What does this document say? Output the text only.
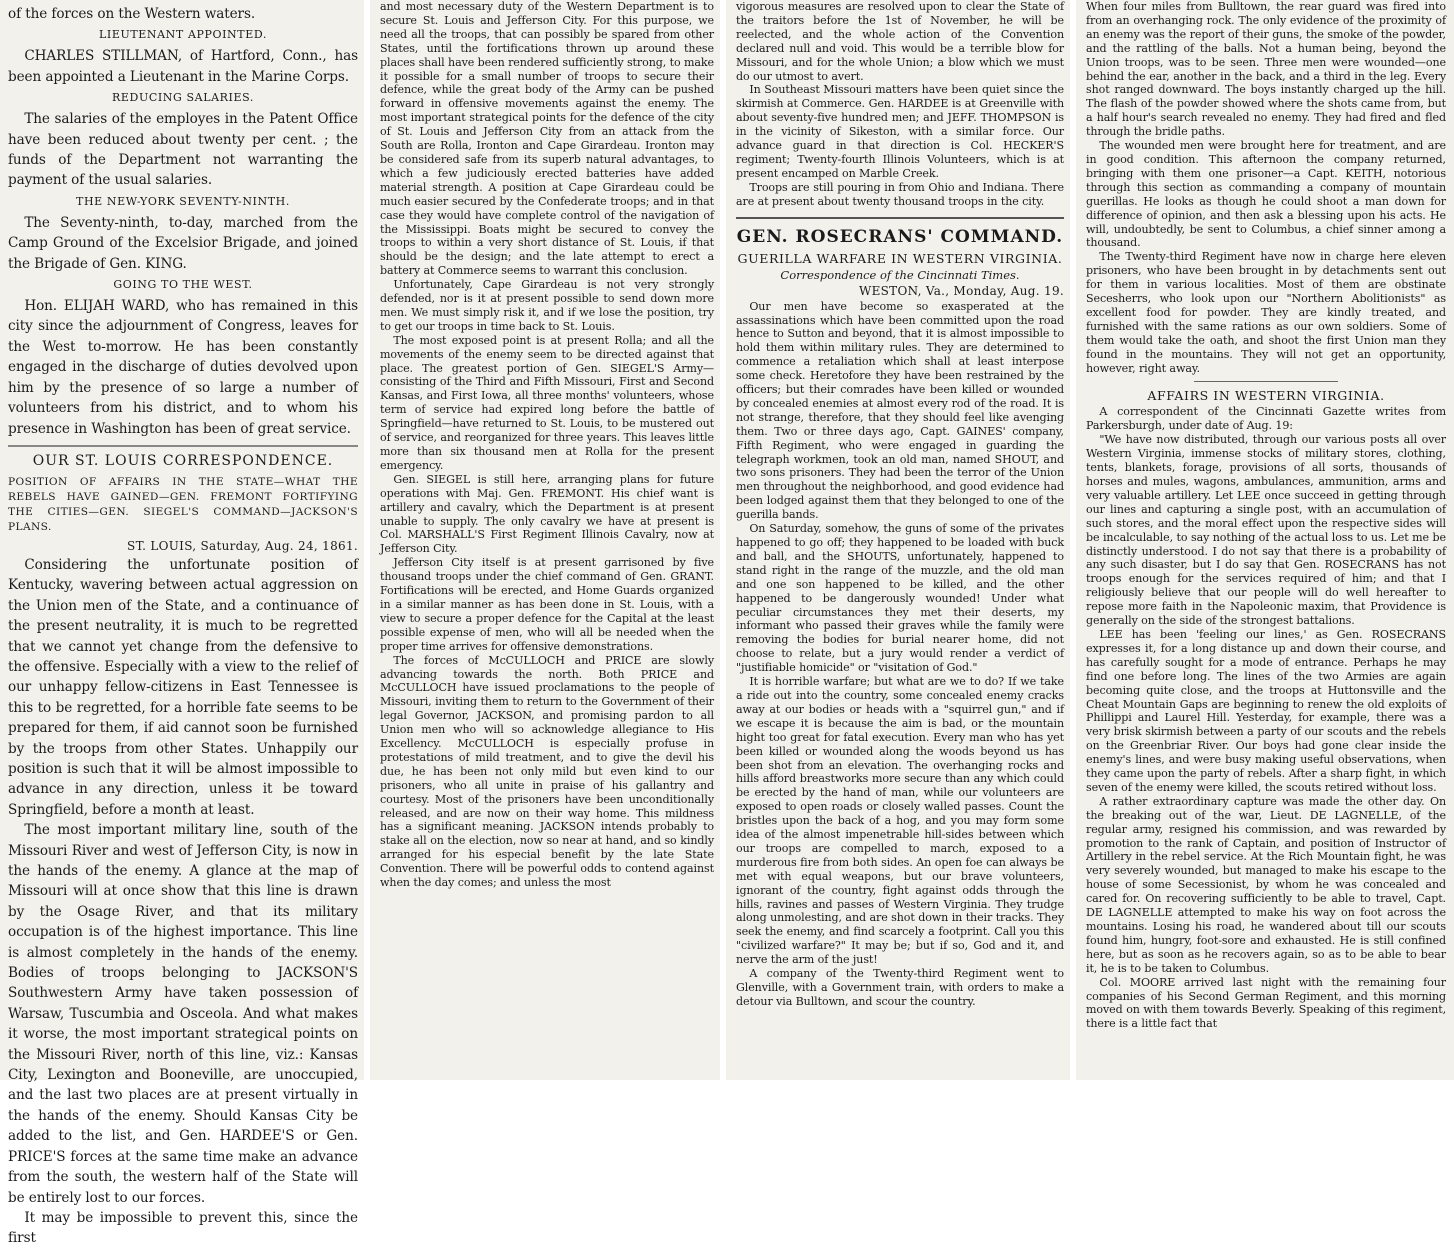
of the forces on the Western waters.

LIEUTENANT APPOINTED.

CHARLES STILLMAN, of Hartford, Conn., has been appointed a Lieutenant in the Marine Corps.

REDUCING SALARIES.

The salaries of the employes in the Patent Office have been reduced about twenty per cent. ; the funds of the Department not warranting the payment of the usual salaries.

THE NEW-YORK SEVENTY-NINTH.

The Seventy-ninth, to-day, marched from the Camp Ground of the Excelsior Brigade, and joined the Brigade of Gen. KING.

GOING TO THE WEST.

Hon. ELIJAH WARD, who has remained in this city since the adjournment of Congress, leaves for the West to-morrow. He has been constantly engaged in the discharge of duties devolved upon him by the presence of so large a number of volunteers from his district, and to whom his presence in Washington has been of great service.

OUR ST. LOUIS CORRESPONDENCE.
POSITION OF AFFAIRS IN THE STATE—WHAT THE REBELS HAVE GAINED—GEN. FREMONT FORTIFYING THE CITIES—GEN. SIEGEL'S COMMAND—JACKSON'S PLANS.
ST. LOUIS, Saturday, Aug. 24, 1861.

Considering the unfortunate position of Kentucky, wavering between actual aggression on the Union men of the State, and a continuance of the present neutrality, it is much to be regretted that we cannot yet change from the defensive to the offensive. Especially with a view to the relief of our unhappy fellow-citizens in East Tennessee is this to be regretted, for a horrible fate seems to be prepared for them, if aid cannot soon be furnished by the troops from other States. Unhappily our position is such that it will be almost impossible to advance in any direction, unless it be toward Springfield, before a month at least.

The most important military line, south of the Missouri River and west of Jefferson City, is now in the hands of the enemy. A glance at the map of Missouri will at once show that this line is drawn by the Osage River, and that its military occupation is of the highest importance. This line is almost completely in the hands of the enemy. Bodies of troops belonging to JACKSON'S Southwestern Army have taken possession of Warsaw, Tuscumbia and Osceola. And what makes it worse, the most important strategical points on the Missouri River, north of this line, viz.: Kansas City, Lexington and Booneville, are unoccupied, and the last two places are at present virtually in the hands of the enemy. Should Kansas City be added to the list, and Gen. HARDEE'S or Gen. PRICE'S forces at the same time make an advance from the south, the western half of the State will be entirely lost to our forces.

It may be impossible to prevent this, since the first

and most necessary duty of the Western Department is to secure St. Louis and Jefferson City. For this purpose, we need all the troops, that can possibly be spared from other States, until the fortifications thrown up around these places shall have been rendered sufficiently strong, to make it possible for a small number of troops to secure their defence, while the great body of the Army can be pushed forward in offensive movements against the enemy. The most important strategical points for the defence of the city of St. Louis and Jefferson City from an attack from the South are Rolla, Ironton and Cape Girardeau. Ironton may be considered safe from its superb natural advantages, to which a few judiciously erected batteries have added material strength. A position at Cape Girardeau could be much easier secured by the Confederate troops; and in that case they would have complete control of the navigation of the Mississippi. Boats might be secured to convey the troops to within a very short distance of St. Louis, if that should be the design; and the late attempt to erect a battery at Commerce seems to warrant this conclusion.

Unfortunately, Cape Girardeau is not very strongly defended, nor is it at present possible to send down more men. We must simply risk it, and if we lose the position, try to get our troops in time back to St. Louis.

The most exposed point is at present Rolla; and all the movements of the enemy seem to be directed against that place. The greatest portion of Gen. SIEGEL'S Army—consisting of the Third and Fifth Missouri, First and Second Kansas, and First Iowa, all three months' volunteers, whose term of service had expired long before the battle of Springfield—have returned to St. Louis, to be mustered out of service, and reorganized for three years. This leaves little more than six thousand men at Rolla for the present emergency.

Gen. SIEGEL is still here, arranging plans for future operations with Maj. Gen. FREMONT. His chief want is artillery and cavalry, which the Department is at present unable to supply. The only cavalry we have at present is Col. MARSHALL'S First Regiment Illinois Cavalry, now at Jefferson City.

Jefferson City itself is at present garrisoned by five thousand troops under the chief command of Gen. GRANT. Fortifications will be erected, and Home Guards organized in a similar manner as has been done in St. Louis, with a view to secure a proper defence for the Capital at the least possible expense of men, who will all be needed when the proper time arrives for offensive demonstrations.

The forces of McCULLOCH and PRICE are slowly advancing towards the north. Both PRICE and McCULLOCH have issued proclamations to the people of Missouri, inviting them to return to the Government of their legal Governor, JACKSON, and promising pardon to all Union men who will so acknowledge allegiance to His Excellency. McCULLOCH is especially profuse in protestations of mild treatment, and to give the devil his due, he has been not only mild but even kind to our prisoners, who all unite in praise of his gallantry and courtesy. Most of the prisoners have been unconditionally released, and are now on their way home. This mildness has a significant meaning. JACKSON intends probably to stake all on the election, now so near at hand, and so kindly arranged for his especial benefit by the late State Convention. There will be powerful odds to contend against when the day comes; and unless the most

vigorous measures are resolved upon to clear the State of the traitors before the 1st of November, he will be reelected, and the whole action of the Convention declared null and void. This would be a terrible blow for Missouri, and for the whole Union; a blow which we must do our utmost to avert.

In Southeast Missouri matters have been quiet since the skirmish at Commerce. Gen. HARDEE is at Greenville with about seventy-five hundred men; and JEFF. THOMPSON is in the vicinity of Sikeston, with a similar force. Our advance guard in that direction is Col. HECKER'S regiment; Twenty-fourth Illinois Volunteers, which is at present encamped on Marble Creek.

Troops are still pouring in from Ohio and Indiana. There are at present about twenty thousand troops in the city.

GEN. ROSECRANS' COMMAND.
GUERILLA WARFARE IN WESTERN VIRGINIA.
Correspondence of the Cincinnati Times.
WESTON, Va., Monday, Aug. 19.

Our men have become so exasperated at the assassinations which have been committed upon the road hence to Sutton and beyond, that it is almost impossible to hold them within military rules. They are determined to commence a retaliation which shall at least interpose some check. Heretofore they have been restrained by the officers; but their comrades have been killed or wounded by concealed enemies at almost every rod of the road. It is not strange, therefore, that they should feel like avenging them. Two or three days ago, Capt. GAINES' company, Fifth Regiment, who were engaged in guarding the telegraph workmen, took an old man, named SHOUT, and two sons prisoners. They had been the terror of the Union men throughout the neighborhood, and good evidence had been lodged against them that they belonged to one of the guerilla bands.

On Saturday, somehow, the guns of some of the privates happened to go off; they happened to be loaded with buck and ball, and the SHOUTS, unfortunately, happened to stand right in the range of the muzzle, and the old man and one son happened to be killed, and the other happened to be dangerously wounded! Under what peculiar circumstances they met their deserts, my informant who passed their graves while the family were removing the bodies for burial nearer home, did not choose to relate, but a jury would render a verdict of "justifiable homicide" or "visitation of God."

It is horrible warfare; but what are we to do? If we take a ride out into the country, some concealed enemy cracks away at our bodies or heads with a "squirrel gun," and if we escape it is because the aim is bad, or the mountain hight too great for fatal execution. Every man who has yet been killed or wounded along the woods beyond us has been shot from an elevation. The overhanging rocks and hills afford breastworks more secure than any which could be erected by the hand of man, while our volunteers are exposed to open roads or closely walled passes. Count the bristles upon the back of a hog, and you may form some idea of the almost impenetrable hill-sides between which our troops are compelled to march, exposed to a murderous fire from both sides. An open foe can always be met with equal weapons, but our brave volunteers, ignorant of the country, fight against odds through the hills, ravines and passes of Western Virginia. They trudge along unmolesting, and are shot down in their tracks. They seek the enemy, and find scarcely a footprint. Call you this "civilized warfare?" It may be; but if so, God and it, and nerve the arm of the just!

A company of the Twenty-third Regiment went to Glenville, with a Government train, with orders to make a detour via Bulltown, and scour the country.

When four miles from Bulltown, the rear guard was fired into from an overhanging rock. The only evidence of the proximity of an enemy was the report of their guns, the smoke of the powder, and the rattling of the balls. Not a human being, beyond the Union troops, was to be seen. Three men were wounded—one behind the ear, another in the back, and a third in the leg. Every shot ranged downward. The boys instantly charged up the hill. The flash of the powder showed where the shots came from, but a half hour's search revealed no enemy. They had fired and fled through the bridle paths.

The wounded men were brought here for treatment, and are in good condition. This afternoon the company returned, bringing with them one prisoner—a Capt. KEITH, notorious through this section as commanding a company of mountain guerillas. He looks as though he could shoot a man down for difference of opinion, and then ask a blessing upon his acts. He will, undoubtedly, be sent to Columbus, a chief sinner among a thousand.

The Twenty-third Regiment have now in charge here eleven prisoners, who have been brought in by detachments sent out for them in various localities. Most of them are obstinate Secesherrs, who look upon our "Northern Abolitionists" as excellent food for powder. They are kindly treated, and furnished with the same rations as our own soldiers. Some of them would take the oath, and shoot the first Union man they found in the mountains. They will not get an opportunity, however, right away.

AFFAIRS IN WESTERN VIRGINIA.

A correspondent of the Cincinnati Gazette writes from Parkersburgh, under date of Aug. 19:

"We have now distributed, through our various posts all over Western Virginia, immense stocks of military stores, clothing, tents, blankets, forage, provisions of all sorts, thousands of horses and mules, wagons, ambulances, ammunition, arms and very valuable artillery. Let LEE once succeed in getting through our lines and capturing a single post, with an accumulation of such stores, and the moral effect upon the respective sides will be incalculable, to say nothing of the actual loss to us. Let me be distinctly understood. I do not say that there is a probability of any such disaster, but I do say that Gen. ROSECRANS has not troops enough for the services required of him; and that I religiously believe that our people will do well hereafter to repose more faith in the Napoleonic maxim, that Providence is generally on the side of the strongest battalions.

LEE has been 'feeling our lines,' as Gen. ROSECRANS expresses it, for a long distance up and down their course, and has carefully sought for a mode of entrance. Perhaps he may find one before long. The lines of the two Armies are again becoming quite close, and the troops at Huttonsville and the Cheat Mountain Gaps are beginning to renew the old exploits of Phillippi and Laurel Hill. Yesterday, for example, there was a very brisk skirmish between a party of our scouts and the rebels on the Greenbriar River. Our boys had gone clear inside the enemy's lines, and were busy making useful observations, when they came upon the party of rebels. After a sharp fight, in which seven of the enemy were killed, the scouts retired without loss.

A rather extraordinary capture was made the other day. On the breaking out of the war, Lieut. DE LAGNELLE, of the regular army, resigned his commission, and was rewarded by promotion to the rank of Captain, and position of Instructor of Artillery in the rebel service. At the Rich Mountain fight, he was very severely wounded, but managed to make his escape to the house of some Secessionist, by whom he was concealed and cared for. On recovering sufficiently to be able to travel, Capt. DE LAGNELLE attempted to make his way on foot across the mountains. Losing his road, he wandered about till our scouts found him, hungry, foot-sore and exhausted. He is still confined here, but as soon as he recovers again, so as to be able to bear it, he is to be taken to Columbus.

Col. MOORE arrived last night with the remaining four companies of his Second German Regiment, and this morning moved on with them towards Beverly. Speaking of this regiment, there is a little fact that
